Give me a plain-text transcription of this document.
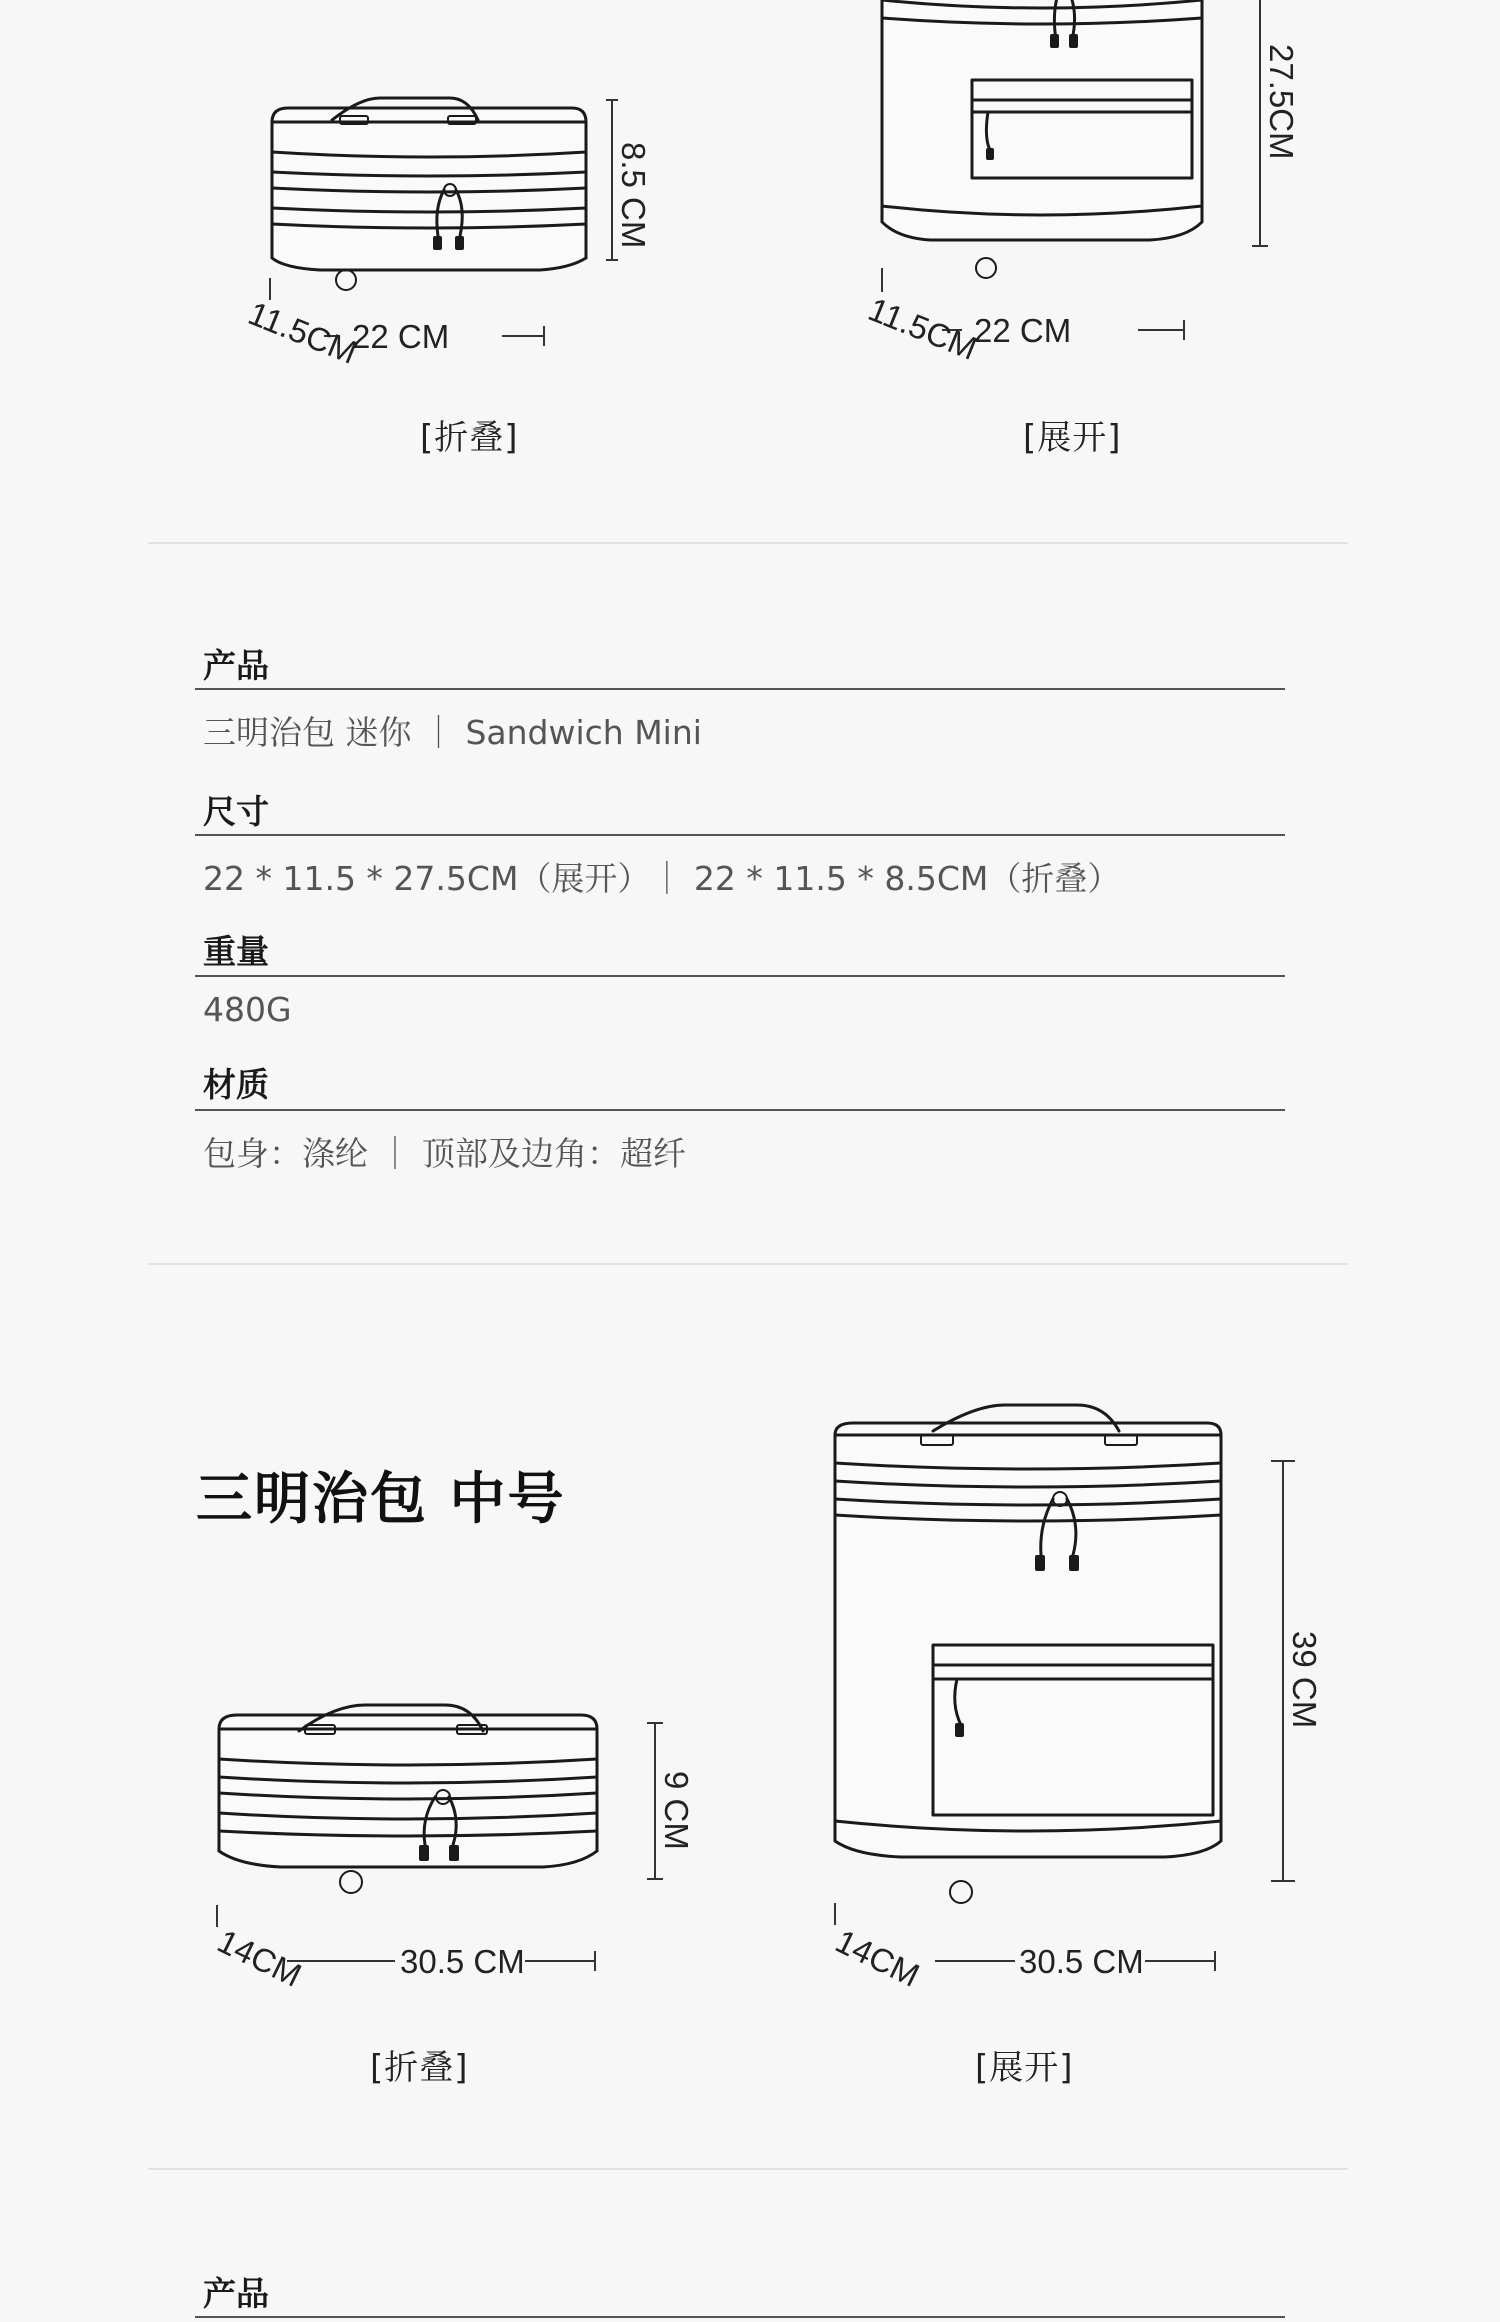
8.5 CM
22 CM
11.5CM
[折叠]
27.5CM
22 CM
11.5CM
[展开]
产品
三明治包 迷你 ｜ Sandwich Mini
尺寸
22 * 11.5 * 27.5CM（展开）｜ 22 * 11.5 * 8.5CM（折叠）
重量
480G
材质
包身：涤纶 ｜ 顶部及边角：超纤
三明治包 中号
9 CM
30.5 CM
14CM
[折叠]
39 CM
30.5 CM
14CM
[展开]
产品
